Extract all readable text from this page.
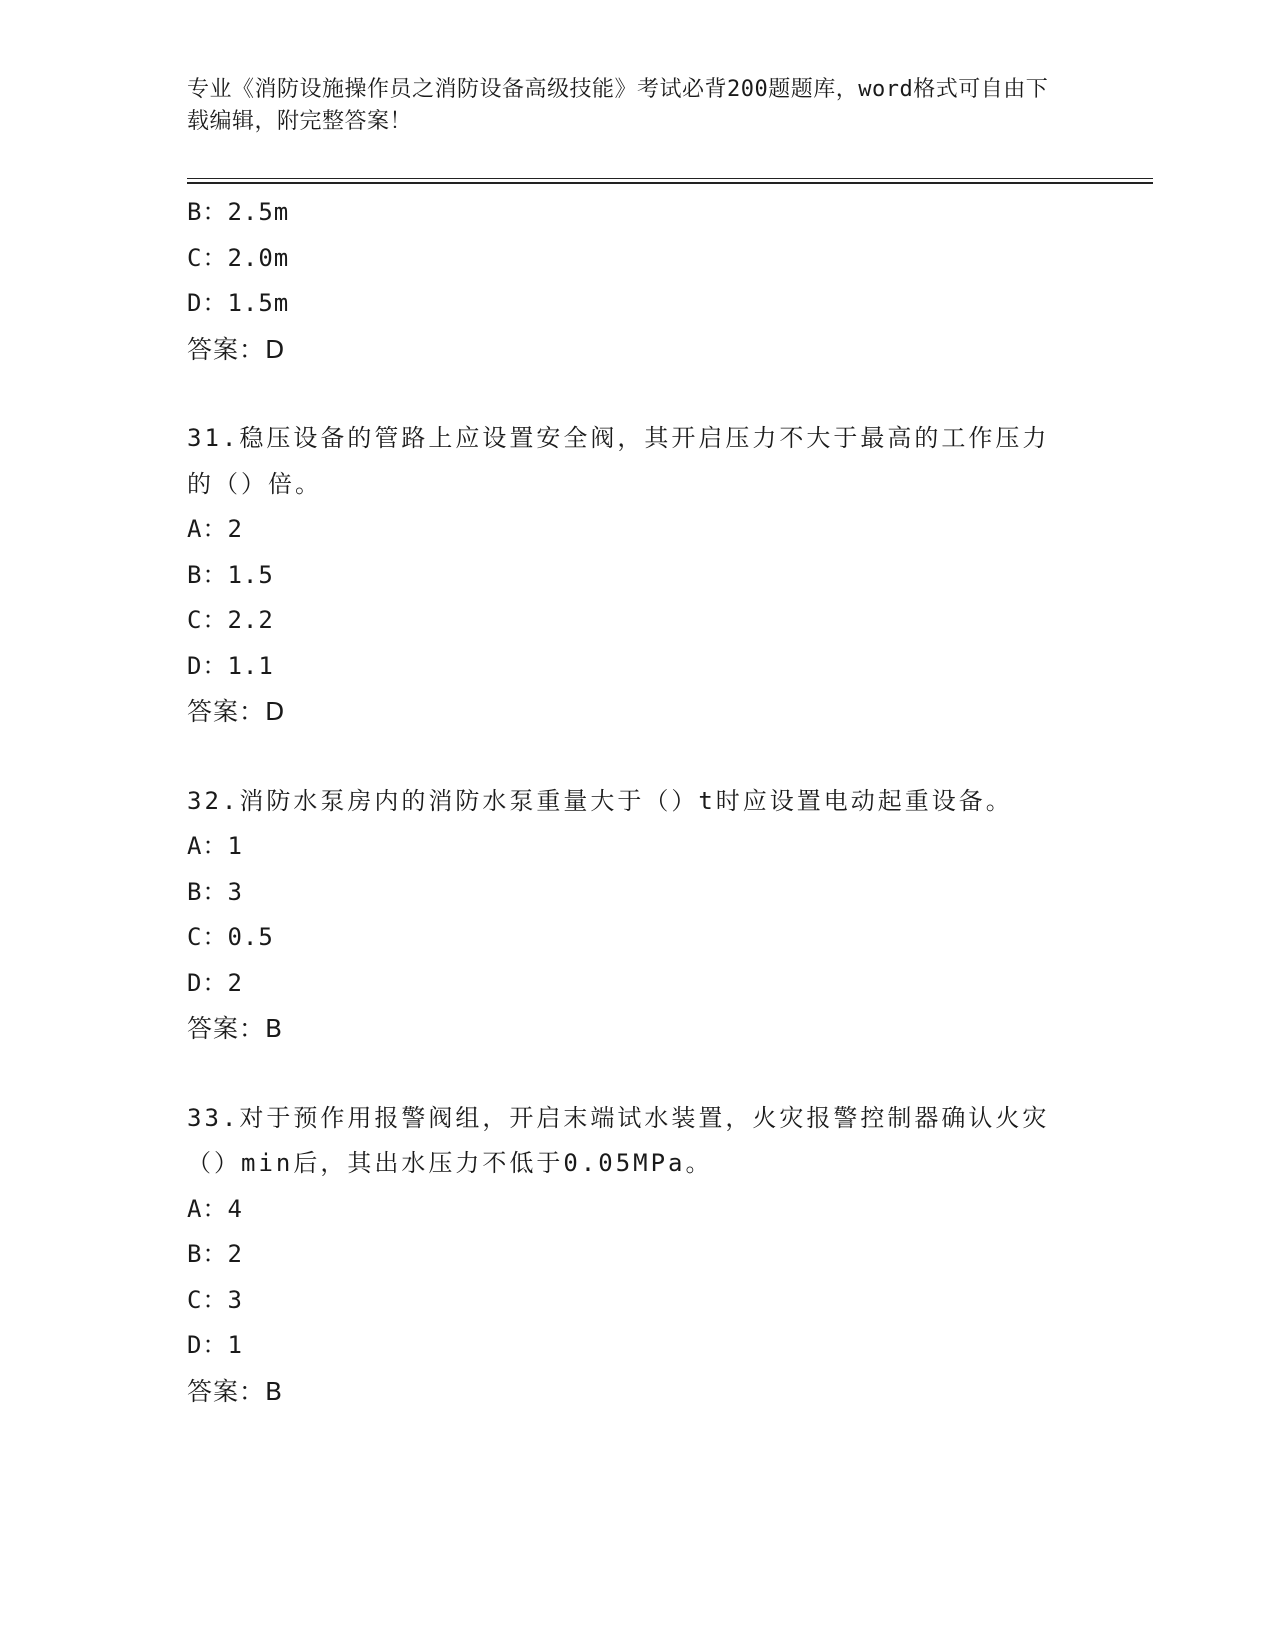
专业《消防设施操作员之消防设备高级技能》考试必背200题题库，word格式可自由下载编辑，附完整答案！
B：2.5m
C：2.0m
D：1.5m
答案：D
31.稳压设备的管路上应设置安全阀，其开启压力不大于最高的工作压力的（）倍。
A：2
B：1.5
C：2.2
D：1.1
答案：D
32.消防水泵房内的消防水泵重量大于（）t时应设置电动起重设备。
A：1
B：3
C：0.5
D：2
答案：B
33.对于预作用报警阀组，开启末端试水装置，火灾报警控制器确认火灾（）min后，其出水压力不低于0.05MPa。
A：4
B：2
C：3
D：1
答案：B
